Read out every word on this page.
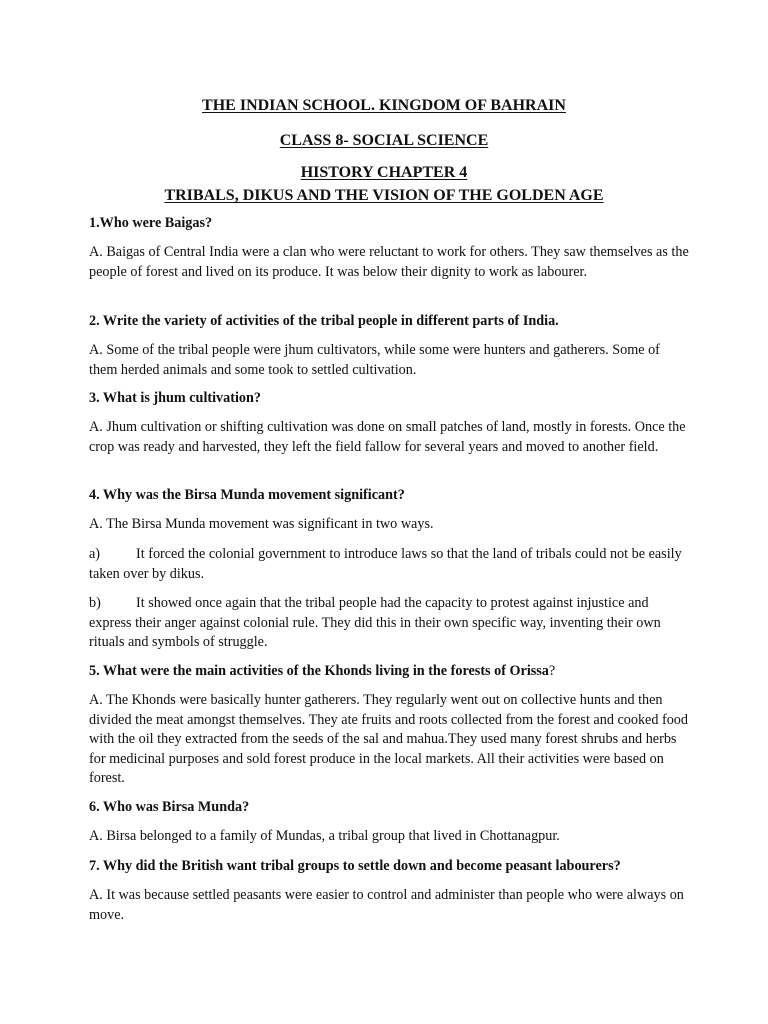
THE INDIAN SCHOOL. KINGDOM OF BAHRAIN
CLASS 8- SOCIAL SCIENCE
HISTORY CHAPTER 4
TRIBALS, DIKUS AND THE VISION OF THE GOLDEN AGE

1.Who were Baigas?

A. Baigas of Central India were a clan who were reluctant to work for others. They saw themselves as the people of forest and lived on its produce. It was below their dignity to work as labourer.

2. Write the variety of activities of the tribal people in different parts of India.

A. Some of the tribal people were jhum cultivators, while some were hunters and gatherers. Some of them herded animals and some took to settled cultivation.

3. What is jhum cultivation?

A. Jhum cultivation or shifting cultivation was done on small patches of land, mostly in forests. Once the crop was ready and harvested, they left the field fallow for several years and moved to another field.

4. Why was the Birsa Munda movement significant?

A. The Birsa Munda movement was significant in two ways.

a)	It forced the colonial government to introduce laws so that the land of tribals could not be easily taken over by dikus.

b) It showed once again that the tribal people had the capacity to protest against injustice and express their anger against colonial rule. They did this in their own specific way, inventing their own rituals and symbols of struggle.

5. What were the main activities of the Khonds living in the forests of Orissa?

A. The Khonds were basically hunter gatherers. They regularly went out on collective hunts and then divided the meat amongst themselves. They ate fruits and roots collected from the forest and cooked food with the oil they extracted from the seeds of the sal and mahua.They used many forest shrubs and herbs for medicinal purposes and sold forest produce in the local markets. All their activities were based on forest.

6. Who was Birsa Munda?

A. Birsa belonged to a family of Mundas, a tribal group that lived in Chottanagpur.

7. Why did the British want tribal groups to settle down and become peasant labourers?

A. It was because settled peasants were easier to control and administer than people who were always on move.
